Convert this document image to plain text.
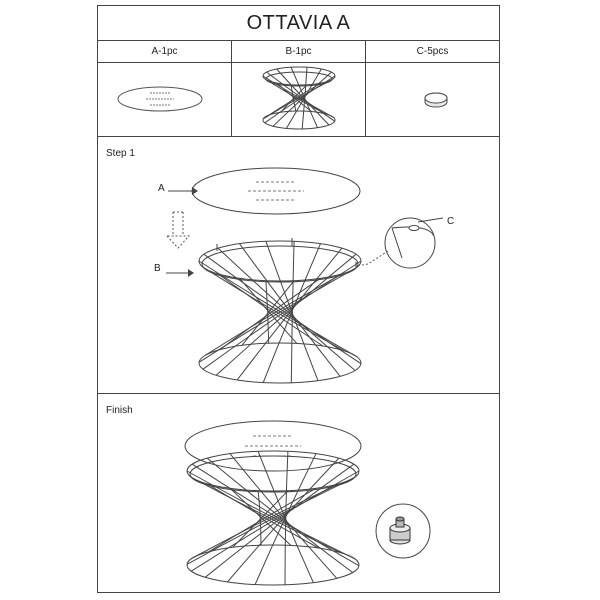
OTTAVIA A
A-1pc	B-1pc	C-5pcs
Step 1
A
B
C
Finish
